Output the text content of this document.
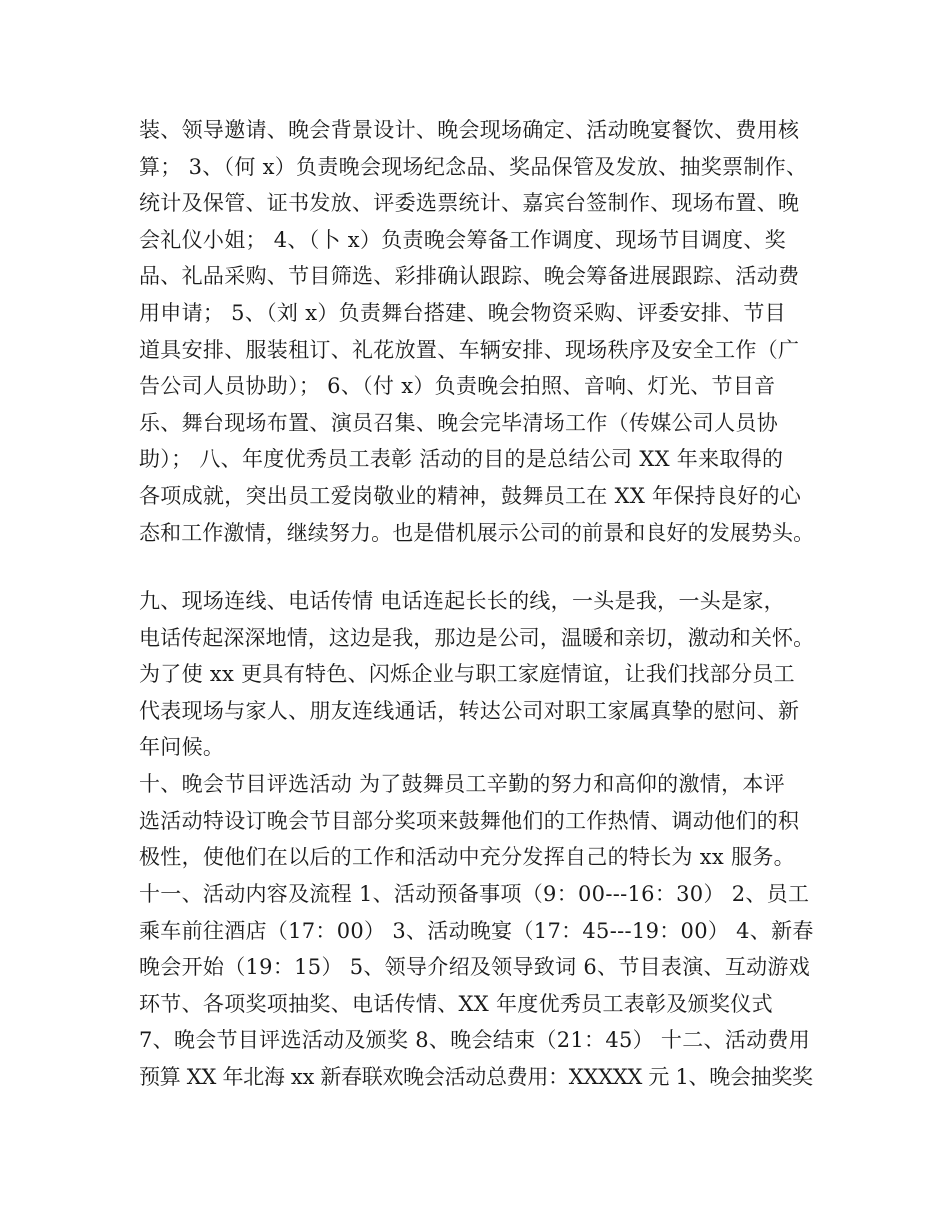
装、领导邀请、晚会背景设计、晚会现场确定、活动晚宴餐饮、费用核
算； 3、（何 x）负责晚会现场纪念品、奖品保管及发放、抽奖票制作、
统计及保管、证书发放、评委选票统计、嘉宾台签制作、现场布置、晚
会礼仪小姐； 4、（卜 x）负责晚会筹备工作调度、现场节目调度、奖
品、礼品采购、节目筛选、彩排确认跟踪、晚会筹备进展跟踪、活动费
用申请； 5、（刘 x）负责舞台搭建、晚会物资采购、评委安排、节目
道具安排、服装租订、礼花放置、车辆安排、现场秩序及安全工作（广
告公司人员协助）； 6、（付 x）负责晚会拍照、音响、灯光、节目音
乐、舞台现场布置、演员召集、晚会完毕清场工作（传媒公司人员协
助）； 八、年度优秀员工表彰 活动的目的是总结公司 XX 年来取得的
各项成就，突出员工爱岗敬业的精神，鼓舞员工在 XX 年保持良好的心
态和工作激情，继续努力。也是借机展示公司的前景和良好的发展势头。

九、现场连线、电话传情 电话连起长长的线，一头是我，一头是家，
电话传起深深地情，这边是我，那边是公司，温暖和亲切，激动和关怀。
为了使 xx 更具有特色、闪烁企业与职工家庭情谊，让我们找部分员工
代表现场与家人、朋友连线通话，转达公司对职工家属真挚的慰问、新
年问候。

十、晚会节目评选活动 为了鼓舞员工辛勤的努力和高仰的激情，本评
选活动特设订晚会节目部分奖项来鼓舞他们的工作热情、调动他们的积
极性，使他们在以后的工作和活动中充分发挥自己的特长为 xx 服务。

十一、活动内容及流程 1、活动预备事项（9：00---16：30） 2、员工
乘车前往酒店（17：00） 3、活动晚宴（17：45---19：00） 4、新春
晚会开始（19：15） 5、领导介绍及领导致词 6、节目表演、互动游戏
环节、各项奖项抽奖、电话传情、XX 年度优秀员工表彰及颁奖仪式
7、晚会节目评选活动及颁奖 8、晚会结束（21：45） 十二、活动费用
预算 XX 年北海 xx 新春联欢晚会活动总费用：XXXXX 元 1、晚会抽奖奖
